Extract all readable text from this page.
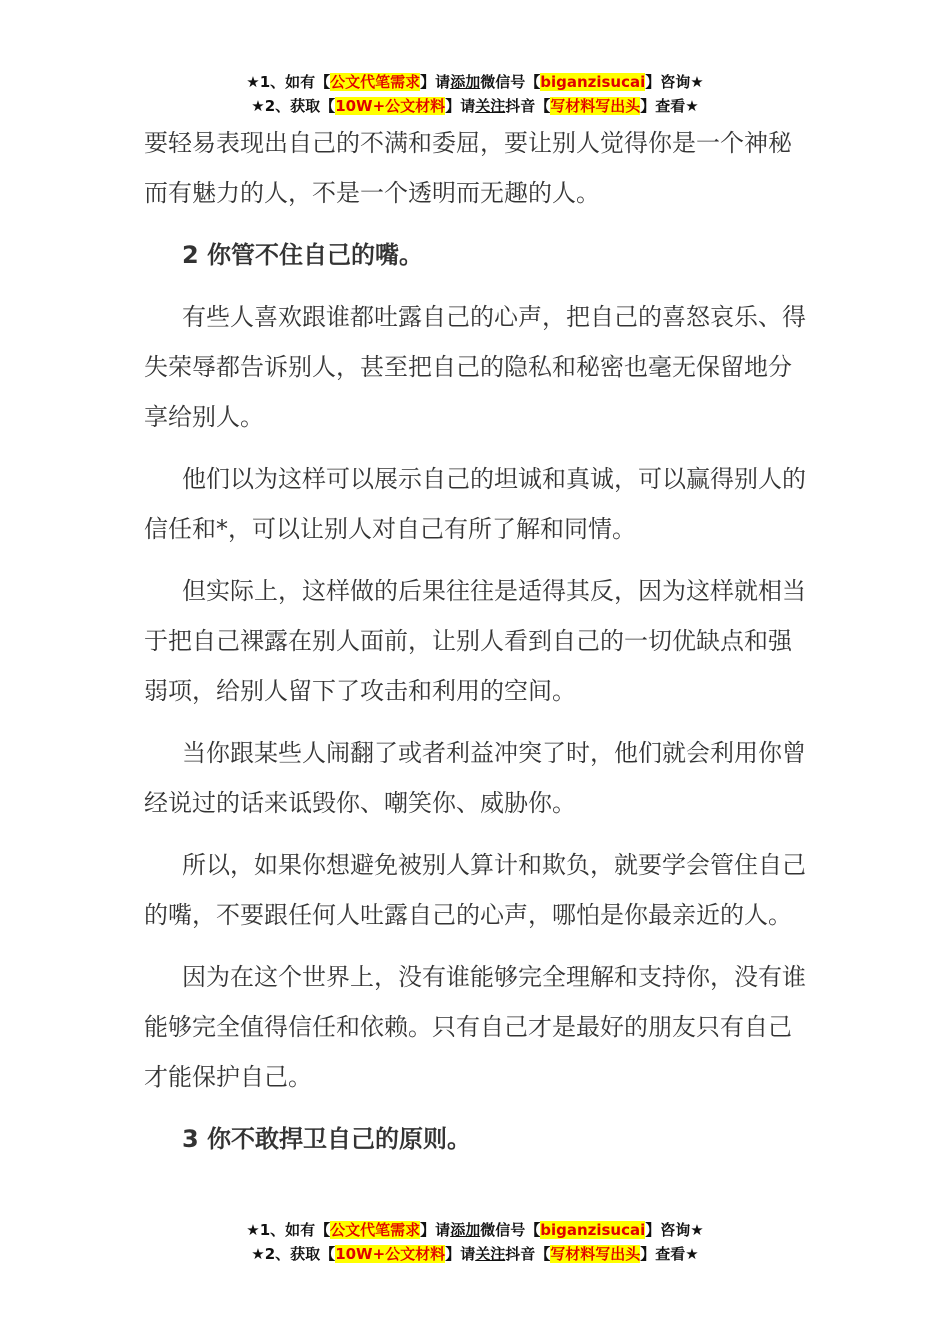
★1、如有【公文代笔需求】请添加微信号【biganzisucai】咨询★
★2、获取【10W+公文材料】请关注抖音【写材料写出头】查看★

要轻易表现出自己的不满和委屈，要让别人觉得你是一个神秘而有魅力的人，不是一个透明而无趣的人。

2 你管不住自己的嘴。

有些人喜欢跟谁都吐露自己的心声，把自己的喜怒哀乐、得失荣辱都告诉别人，甚至把自己的隐私和秘密也毫无保留地分享给别人。

他们以为这样可以展示自己的坦诚和真诚，可以赢得别人的信任和*，可以让别人对自己有所了解和同情。

但实际上，这样做的后果往往是适得其反，因为这样就相当于把自己裸露在别人面前，让别人看到自己的一切优缺点和强弱项，给别人留下了攻击和利用的空间。

当你跟某些人闹翻了或者利益冲突了时，他们就会利用你曾经说过的话来诋毁你、嘲笑你、威胁你。

所以，如果你想避免被别人算计和欺负，就要学会管住自己的嘴，不要跟任何人吐露自己的心声，哪怕是你最亲近的人。

因为在这个世界上，没有谁能够完全理解和支持你，没有谁能够完全值得信任和依赖。只有自己才是最好的朋友只有自己才能保护自己。

3 你不敢捍卫自己的原则。
★1、如有【公文代笔需求】请添加微信号【biganzisucai】咨询★
★2、获取【10W+公文材料】请关注抖音【写材料写出头】查看★
